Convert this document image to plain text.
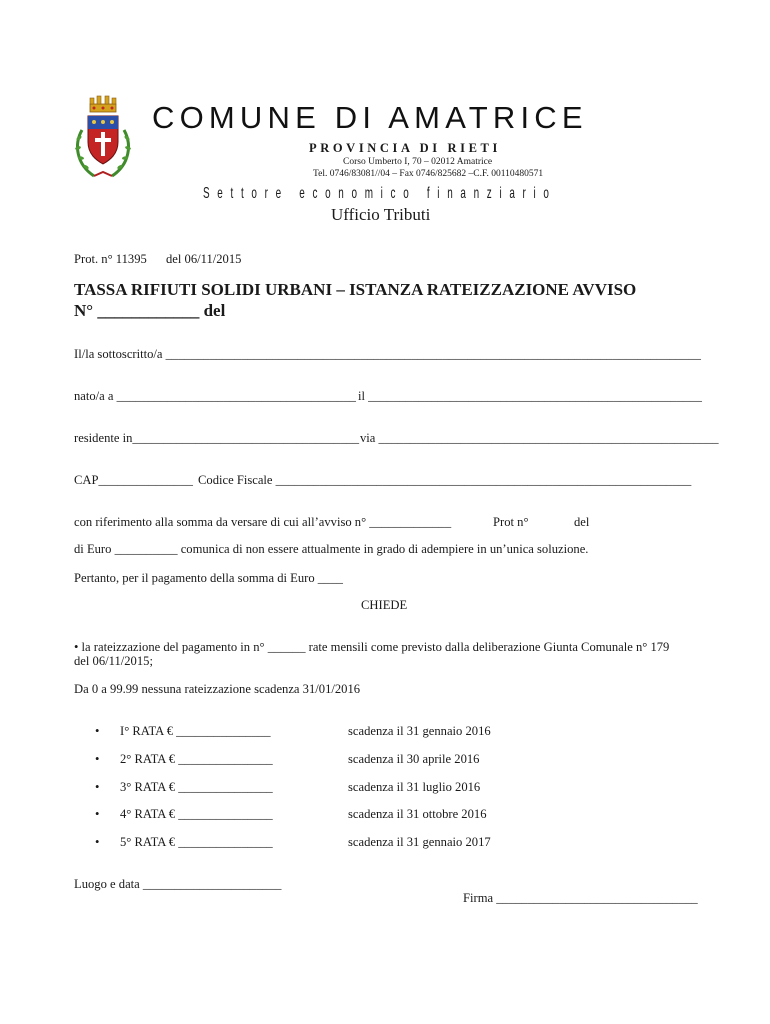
COMUNE DI AMATRICE
PROVINCIA DI RIETI
Corso Umberto I, 70 – 02012 Amatrice
Tel. 0746/83081//04 – Fax 0746/825682 –C.F. 00110480571
Settore economico finanziario
Ufficio Tributi
Prot. n° 11395 del 06/11/2015
TASSA RIFIUTI SOLIDI URBANI – ISTANZA RATEIZZAZIONE AVVISO
N° ____________ del
Il/la sottoscritto/a _____________________________________________________________________________________
nato/a a ______________________________________ il _____________________________________________________
residente in____________________________________ via ______________________________________________________
CAP_______________ Codice Fiscale __________________________________________________________________
con riferimento alla somma da versare di cui all’avviso n° _____________	Prot n°	del
di Euro __________ comunica di non essere attualmente in grado di adempiere in un’unica soluzione.
Pertanto, per il pagamento della somma di Euro ____
CHIEDE
• la rateizzazione del pagamento in n° ______ rate mensili come previsto dalla deliberazione Giunta Comunale n° 179
del 06/11/2015;
Da 0 a 99.99 nessuna rateizzazione scadenza 31/01/2016
• I° RATA € _______________	scadenza il 31 gennaio 2016
• 2° RATA € _______________	scadenza il 30 aprile 2016
• 3° RATA € _______________	scadenza il 31 luglio 2016
• 4° RATA € _______________	scadenza il 31 ottobre 2016
• 5° RATA € _______________	scadenza il 31 gennaio 2017
Luogo e data ______________________
Firma ________________________________
